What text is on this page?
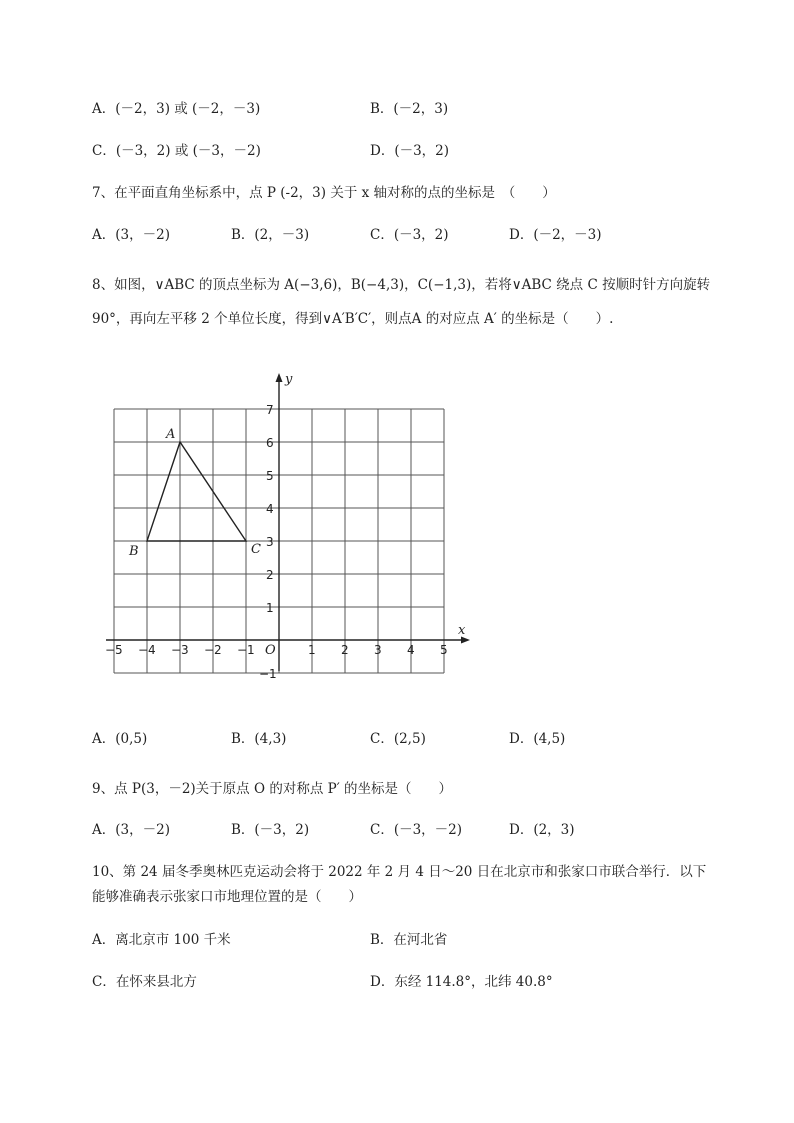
A．(－2，3) 或 (－2，－3)	B．(－2，3)
C．(－3，2) 或 (－3，－2)	D．(－3，2)
7、在平面直角坐标系中，点 P (-2，3) 关于 x 轴对称的点的坐标是　（　　）
A．(3，－2)	B．(2，－3)	C．(－3，2)	D．(－2，－3)
8、如图，∨ABC 的顶点坐标为 A(−3,6)，B(−4,3)，C(−1,3)，若将∨ABC 绕点 C 按顺时针方向旋转
90°，再向左平移 2 个单位长度，得到∨A′B′C′，则点A 的对应点 A′ 的坐标是（　　）.
x
y
O
−5 −4 −3 −2 −1	1 2 3 4 5
7
6
5
4
3
2
1
−1
A
B	C
A．(0,5)	B．(4,3)	C．(2,5)	D．(4,5)
9、点 P(3，－2)关于原点 O 的对称点 P′ 的坐标是（　　）
A．(3，－2)	B．(－3，2)	C．(－3，－2)	D．(2，3)
10、第 24 届冬季奥林匹克运动会将于 2022 年 2 月 4 日～20 日在北京市和张家口市联合举行．以下
能够准确表示张家口市地理位置的是（　　）
A．离北京市 100 千米	B．在河北省
C．在怀来县北方	D．东经 114.8°，北纬 40.8°
